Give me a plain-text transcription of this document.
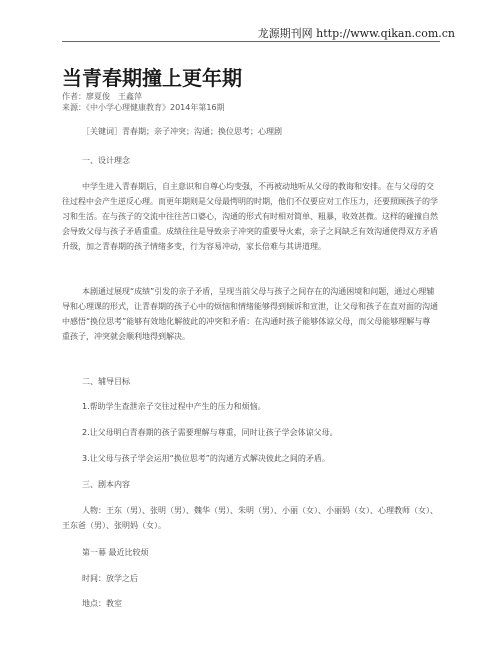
龙源期刊网 http://www.qikan.com.cn
当青春期撞上更年期
作者：廖夏俊　王鑫萍
来源：《中小学心理健康教育》2014年第16期

［关键词］青春期；亲子冲突；沟通；换位思考；心理剧

一、设计理念

中学生进入青春期后，自主意识和自尊心均变强，不再被动地听从父母的教诲和安排。在与父母的交往过程中会产生逆反心理。而更年期则是父母最愕明的时期，他们不仅要应对工作压力，还要照顾孩子的学习和生活。在与孩子的交流中往往苦口婆心，沟通的形式有时相对简单、粗暴，收效甚微。这样的碰撞自然会导致父母与孩子矛盾重重。成绩往往是导致亲子冲突的重要导火索，亲子之间缺乏有效沟通使得双方矛盾升级，加之青春期的孩子情绪多变，行为容易冲动，家长倍难与其讲道理。

本剧通过展现“成绩”引发的亲子矛盾，呈现当前父母与孩子之间存在的沟通困境和问题，通过心理辅导和心理课的形式，让青春期的孩子心中的烦恼和情绪能够得到倾诉和宣泄，让父母和孩子在直对面的沟通中感悟“换位思考”能够有效地化解彼此的冲突和矛盾：在沟通时孩子能够体谅父母，而父母能够理解与尊重孩子，冲突就会顺利地得到解决。

二、辅导目标

1.帮助学生查泄亲子交往过程中产生的压力和烦恼。

2.让父母明白青春期的孩子需要理解与尊重，同时让孩子学会体谅父母。

3.让父母与孩子学会运用“换位思考”的沟通方式解决彼此之间的矛盾。

三、剧本内容

人物：王东（男）、张明（男）、魏华（男）、朱明（男）、小丽（女）、小丽妈（女）、心理教师（女）、王东爸（男）、张明妈（女）。

第一幕 最近比较烦

时间：放学之后

地点：教室
